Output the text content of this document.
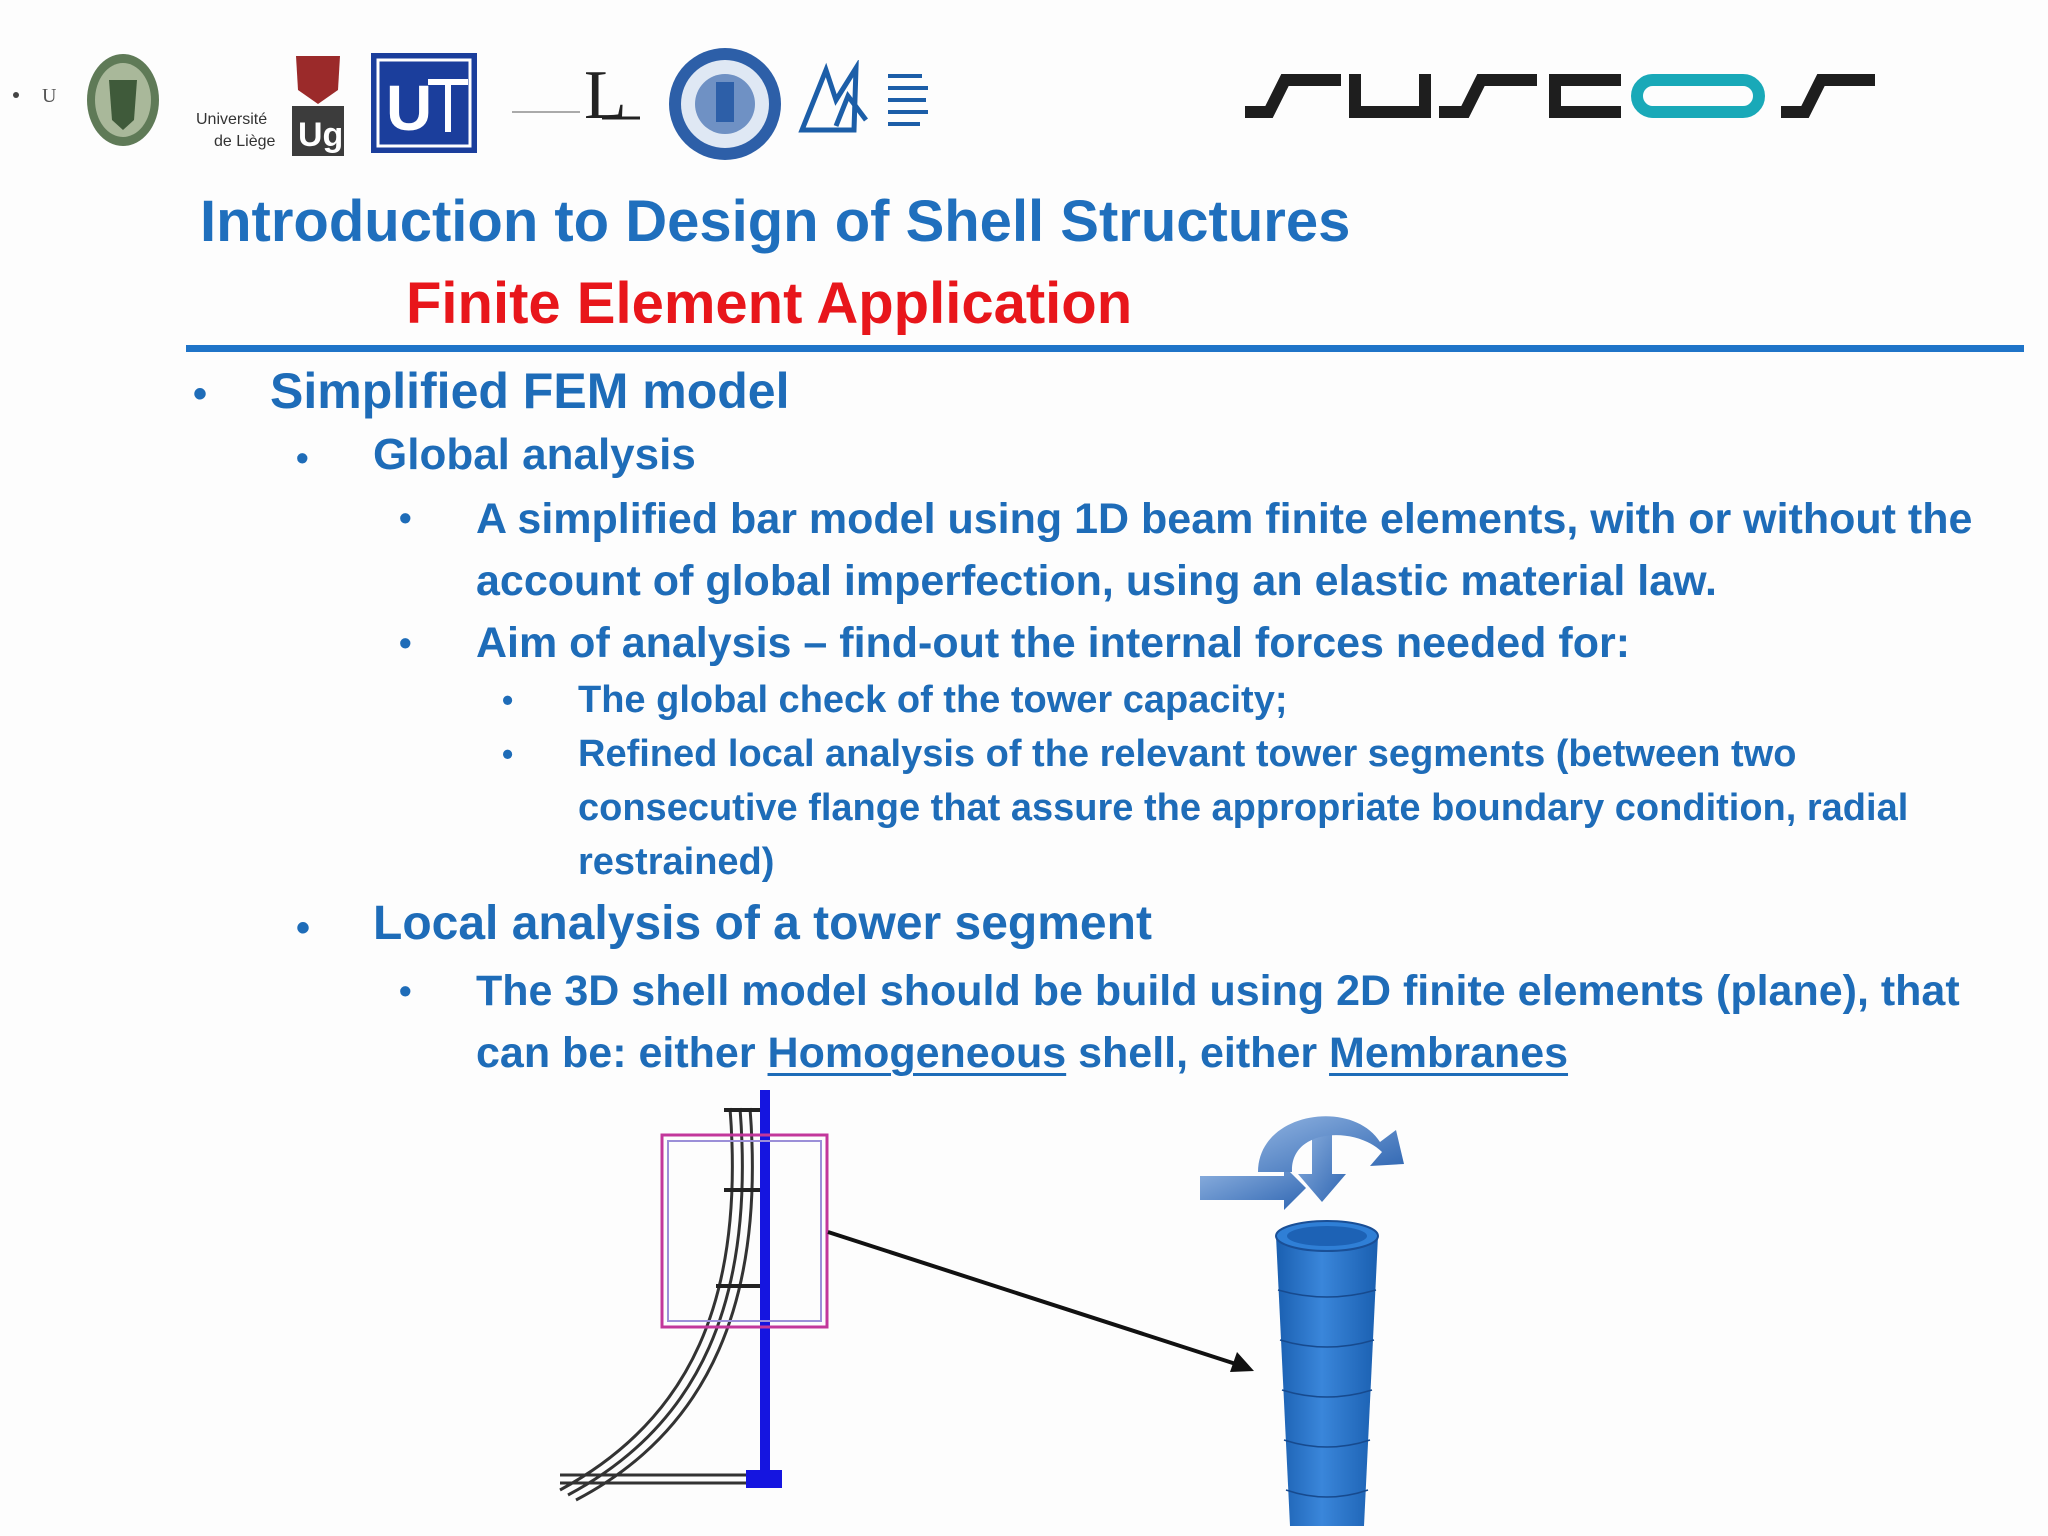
U
Université
de Liège Ug U L
Introduction to Design of Shell Structures
Finite Element Application
• Simplified FEM model

• Global analysis

• A simplified bar model using 1D beam finite elements, with or without the account of global imperfection, using an elastic material law.

• Aim of analysis – find-out the internal forces needed for:

• The global check of the tower capacity;

• Refined local analysis of the relevant tower segments (between two consecutive flange that assure the appropriate boundary condition, radial restrained)

• Local analysis of a tower segment

• The 3D shell model should be build using 2D finite elements (plane), that can be: either Homogeneous shell, either Membranes
